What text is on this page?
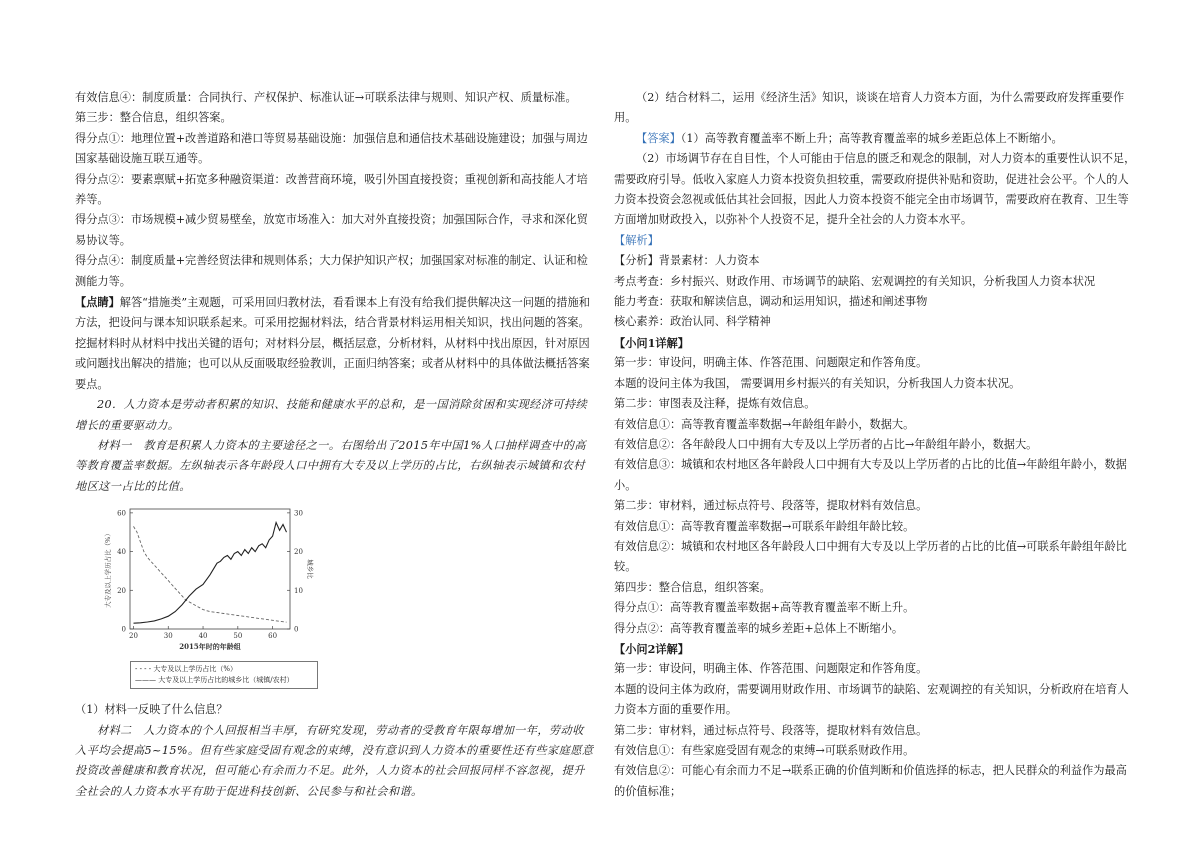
有效信息④：制度质量：合同执行、产权保护、标准认证→可联系法律与规则、知识产权、质量标准。

第三步：整合信息，组织答案。

得分点①：地理位置+改善道路和港口等贸易基础设施：加强信息和通信技术基础设施建设；加强与周边国家基础设施互联互通等。

得分点②：要素禀赋+拓宽多种融资渠道：改善营商环境，吸引外国直接投资；重视创新和高技能人才培养等。

得分点③：市场规模+减少贸易壁垒，放宽市场准入：加大对外直接投资；加强国际合作，寻求和深化贸易协议等。

得分点④：制度质量+完善经贸法律和规则体系；大力保护知识产权；加强国家对标准的制定、认证和检测能力等。

【点睛】解答“措施类”主观题，可采用回归教材法，看看课本上有没有给我们提供解决这一问题的措施和方法，把设问与课本知识联系起来。可采用挖掘材料法，结合背景材料运用相关知识，找出问题的答案。挖掘材料时从材料中找出关键的语句；对材料分层，概括层意，分析材料，从材料中找出原因，针对原因或问题找出解决的措施；也可以从反面吸取经验教训，正面归纳答案；或者从材料中的具体做法概括答案要点。

20．人力资本是劳动者积累的知识、技能和健康水平的总和，是一国消除贫困和实现经济可持续增长的重要驱动力。

材料一　教育是积累人力资本的主要途径之一。右图给出了2015年中国1%人口抽样调查中的高等教育覆盖率数据。左纵轴表示各年龄段人口中拥有大专及以上学历的占比，右纵轴表示城镇和农村地区这一占比的比值。

20	30	40	50	60
0
20
40
60
0
10
20
30
2015年时的年龄组
大专及以上学历占比（%）	城乡比
- - - - 大专及以上学历占比（%）
——— 大专及以上学历占比的城乡比（城镇/农村）

（1）材料一反映了什么信息？

材料二　人力资本的个人回报相当丰厚，有研究发现，劳动者的受教育年限每增加一年，劳动收入平均会提高5~15%。但有些家庭受固有观念的束缚，没有意识到人力资本的重要性还有些家庭愿意投资改善健康和教育状况，但可能心有余而力不足。此外，人力资本的社会回报同样不容忽视，提升全社会的人力资本水平有助于促进科技创新、公民参与和社会和谐。

（2）结合材料二，运用《经济生活》知识，谈谈在培育人力资本方面，为什么需要政府发挥重要作用。

【答案】（1）高等教育覆盖率不断上升；高等教育覆盖率的城乡差距总体上不断缩小。

（2）市场调节存在自目性，个人可能由于信息的匮乏和观念的限制，对人力资本的重要性认识不足，需要政府引导。低收入家庭人力资本投资负担较重，需要政府提供补贴和资助，促进社会公平。个人的人力资本投资会忽视或低估其社会回报，因此人力资本投资不能完全由市场调节，需要政府在教育、卫生等方面增加财政投入，以弥补个人投资不足，提升全社会的人力资本水平。

【解析】

【分析】背景素材：人力资本

考点考查：乡村振兴、财政作用、市场调节的缺陷、宏观调控的有关知识，分析我国人力资本状况

能力考查：获取和解读信息，调动和运用知识，描述和阐述事物

核心素养：政治认同、科学精神

【小问1详解】

第一步：审设问，明确主体、作答范围、问题限定和作答角度。

本题的设问主体为我国， 需要调用乡村振兴的有关知识，分析我国人力资本状况。

第二步：审图表及注释，提炼有效信息。

有效信息①：高等教育覆盖率数据→年龄组年龄小，数据大。

有效信息②：各年龄段人口中拥有大专及以上学历者的占比→年龄组年龄小，数据大。

有效信息③：城镇和农村地区各年龄段人口中拥有大专及以上学历者的占比的比值→年龄组年龄小，数据小。

第二步：审材料，通过标点符号、段落等，提取材料有效信息。

有效信息①：高等教育覆盖率数据→可联系年龄组年龄比较。

有效信息②：城镇和农村地区各年龄段人口中拥有大专及以上学历者的占比的比值→可联系年龄组年龄比较。

第四步：整合信息，组织答案。

得分点①：高等教育覆盖率数据+高等教育覆盖率不断上升。

得分点②：高等教育覆盖率的城乡差距+总体上不断缩小。

【小问2详解】

第一步：审设问，明确主体、作答范围、问题限定和作答角度。

本题的设问主体为政府，需要调用财政作用、市场调节的缺陷、宏观调控的有关知识，分析政府在培育人力资本方面的重要作用。

第二步：审材料，通过标点符号、段落等，提取材料有效信息。

有效信息①：有些家庭受固有观念的束缚→可联系财政作用。

有效信息②：可能心有余而力不足→联系正确的价值判断和价值选择的标志，把人民群众的利益作为最高的价值标准；
